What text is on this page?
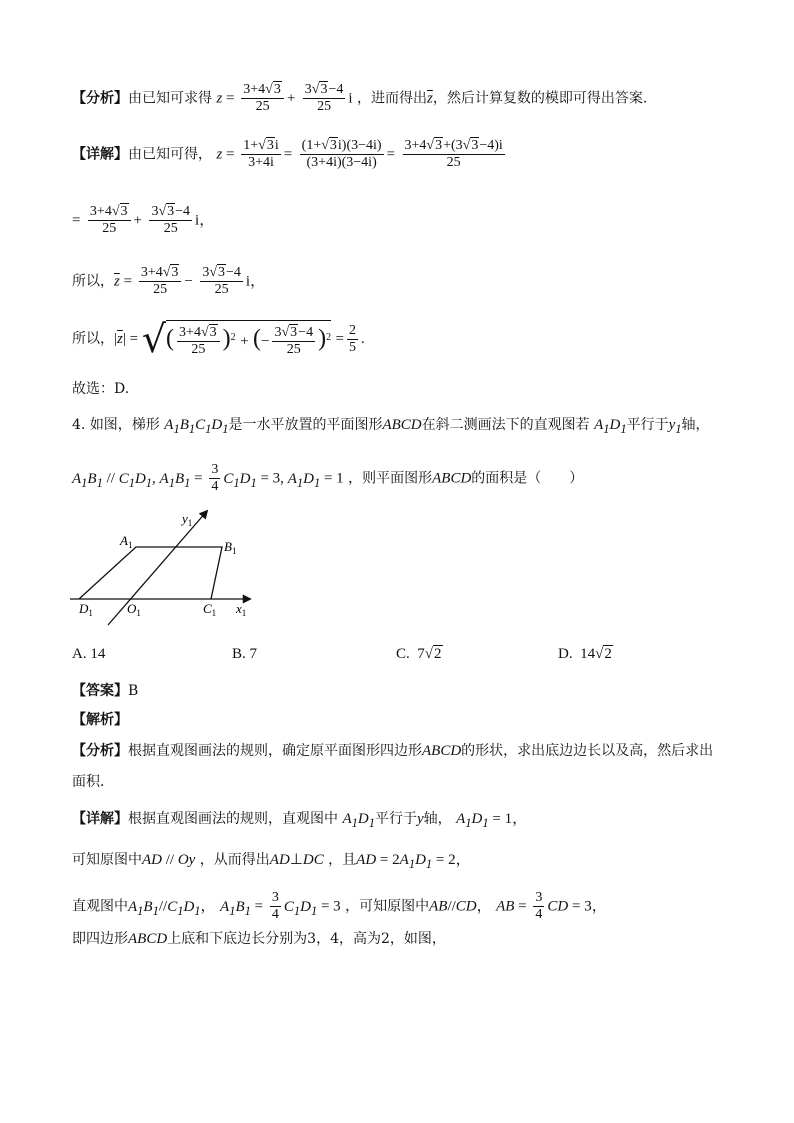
【分析】由已知可求得 $z = \frac{3+4√3}{25} + \frac{3√3-4}{25}$ i ，进而得出$\overline{z}$，然后计算复数的模即可得出答案.
【详解】由已知可得， $z = \frac{1+√3i}{3+4i} = \frac{(1+√3i)(3-4i)}{(3+4i)(3-4i)} = \frac{3+4√3+(3√3-4)i}{25}$
= $\frac{3+4√3}{25} + \frac{3√3-4}{25}$ i，
所以，$\overline{z} = \frac{3+4√3}{25} - \frac{3√3-4}{25}$ i，
所以，$|\overline{z}|$ = √( $\frac{3+4√3}{25} )^2$ + (− $\frac{3√3-4}{25} )^2 = \frac{2}{5}$ .
故选：D.
4. 如图，梯形 $A_1B_1C_1D_1$是一水平放置的平面图形ABCD在斜二测画法下的直观图若 $A_1D_1$平行于$y_1$轴，
$A_1B_1 // C_1D_1$, $A_1B_1 = \frac{3}{4} C_1D_1 = 3$, $A_1D_1 = 1$ ，则平面图形ABCD的面积是（　　）
$A_1$	$B_1$
$D_1$	$O_1$	$C_1$ $x_1$
$y_1$
A. 14	B. 7	C. 7√2	D. 14√2
【答案】B
【解析】
【分析】根据直观图画法的规则，确定原平面图形四边形ABCD的形状，求出底边边长以及高，然后求出
面积．
【详解】根据直观图画法的规则，直观图中 $A_1D_1$平行于y轴， $A_1D_1 = 1$，
可知原图中AD // Oy ，从而得出AD⊥DC ，且AD = $2A_1D_1 = 2$，
直观图中$A_1B_1//C_1D_1$， $A_1B_1 = \frac{3}{4} C_1D_1 = 3$ ，可知原图中AB//CD， AB = $\frac{3}{4}$ CD = 3，
即四边形ABCD上底和下底边长分别为3，4，高为2，如图，
